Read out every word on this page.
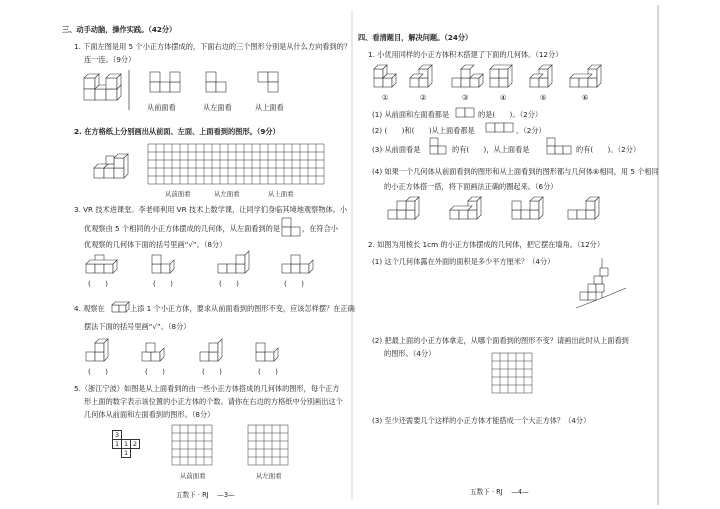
三、动手动脑，操作实践。（42分）
1. 下面左图是用 5 个小正方体摆成的，下面右边的三个图形分别是从什么方向看到的？
连一连。（9分）
从前面看	从左面看	从上面看
2. 在方格纸上分别画出从前面、左面、上面看到的图形。（9分）
从前面看	从左面看	从上面看
3. VR 技术进课堂。李老师利用 VR 技术上数学课，让同学们身临其境地观察物体。小
优观察由 5 个相同的小正方体摆成的几何体，从左面看到的是	，在符合小
优观察的几何体下面的括号里画“√”。（8分）
(　　)	(　　)	(　　)	(　　)
4. 观察在	上添 1 个小正方体，要求从前面看到的图形不变，应该怎样摆？在正确
摆法下面的括号里画“√”。（8分）
(　　)	(　　)	(　　)	(　　)
5.（浙江宁波）如图是从上面看到的由一些小正方体搭成的几何体的图形，每个正方
形上面的数字表示该位置的小正方体的个数。请你在右边的方格纸中分别画出这个
几何体从前面和左面看到的图形。（8分）
3
1 1 2
1
从前面看	从左面看
五数下 · RJ　 —3—
四、看清题目，解决问题。（24分）
1. 小优用同样的小正方体积木搭建了下面的几何体。（12分）
①	②	③	④	⑤	⑥
(1) 从前面和左面看都是	的是(　　)。（2分）
(2) (　　)和(　　)从上面看都是	。（2分）
(3) 从前面看是	的有(　　)，从上面看是	的有(　　)。（2分）
(4) 如果一个几何体从前面看到的图形和从上面看到的图形都与几何体⑥相同，用 5 个相同
的小正方体搭一搭，将下面画法正确的圈起来。（6分）
2. 如图为用棱长 1cm 的小正方体摆成的几何体，把它摆在墙角。（12分）
(1) 这个几何体露在外面的面积是多少平方厘米？（4分）
(2) 把最上面的小正方体拿走，从哪个面看到的图形不变？请画出此时从上面看到
的图形。（4分）
(3) 至少还需要几个这样的小正方体才能搭成一个大正方体？（4分）
五数下 · RJ　 —4—
